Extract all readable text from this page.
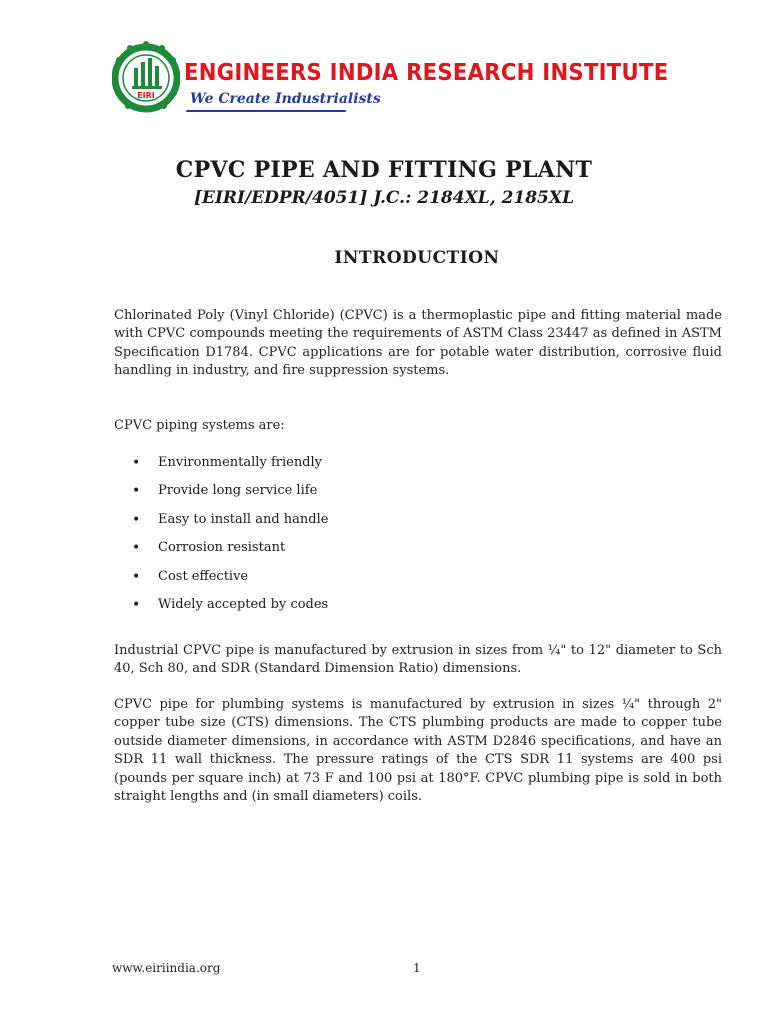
EIRI
ENGINEERS INDIA RESEARCH INSTITUTE
We Create Industrialists
CPVC PIPE AND FITTING PLANT
[EIRI/EDPR/4051] J.C.: 2184XL, 2185XL
INTRODUCTION

Chlorinated Poly (Vinyl Chloride) (CPVC) is a thermoplastic pipe and fitting material made with CPVC compounds meeting the requirements of ASTM Class 23447 as defined in ASTM Specification D1784. CPVC applications are for potable water distribution, corrosive fluid handling in industry, and fire suppression systems.

CPVC piping systems are:

• Environmentally friendly
• Provide long service life
• Easy to install and handle
• Corrosion resistant
• Cost effective
• Widely accepted by codes

Industrial CPVC pipe is manufactured by extrusion in sizes from ¼" to 12" diameter to Sch 40, Sch 80, and SDR (Standard Dimension Ratio) dimensions.

CPVC pipe for plumbing systems is manufactured by extrusion in sizes ¼" through 2" copper tube size (CTS) dimensions. The CTS plumbing products are made to copper tube outside diameter dimensions, in accordance with ASTM D2846 specifications, and have an SDR 11 wall thickness. The pressure ratings of the CTS SDR 11 systems are 400 psi (pounds per square inch) at 73 F and 100 psi at 180°F. CPVC plumbing pipe is sold in both straight lengths and (in small diameters) coils.

www.eiriindia.org	1
